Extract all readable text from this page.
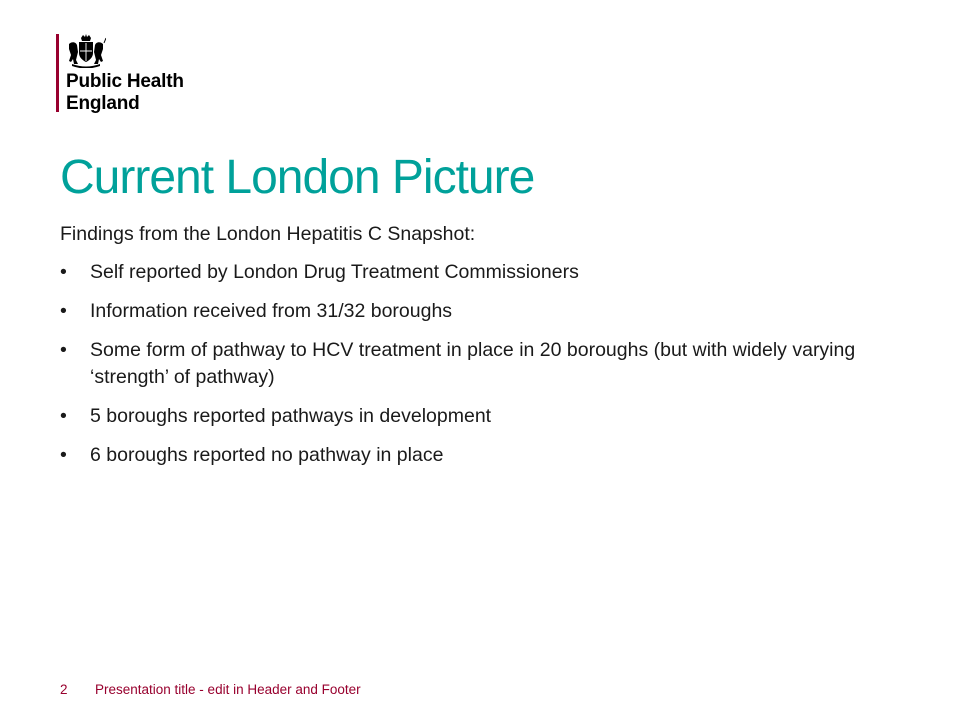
Public Health
England
Current London Picture

Findings from the London Hepatitis C Snapshot:

•	Self reported by London Drug Treatment Commissioners
•	Information received from 31/32 boroughs
•	Some form of pathway to HCV treatment in place in 20 boroughs (but with widely varying ‘strength’ of pathway)
•	5 boroughs reported pathways in development
•	6 boroughs reported no pathway in place
2 Presentation title - edit in Header and Footer
